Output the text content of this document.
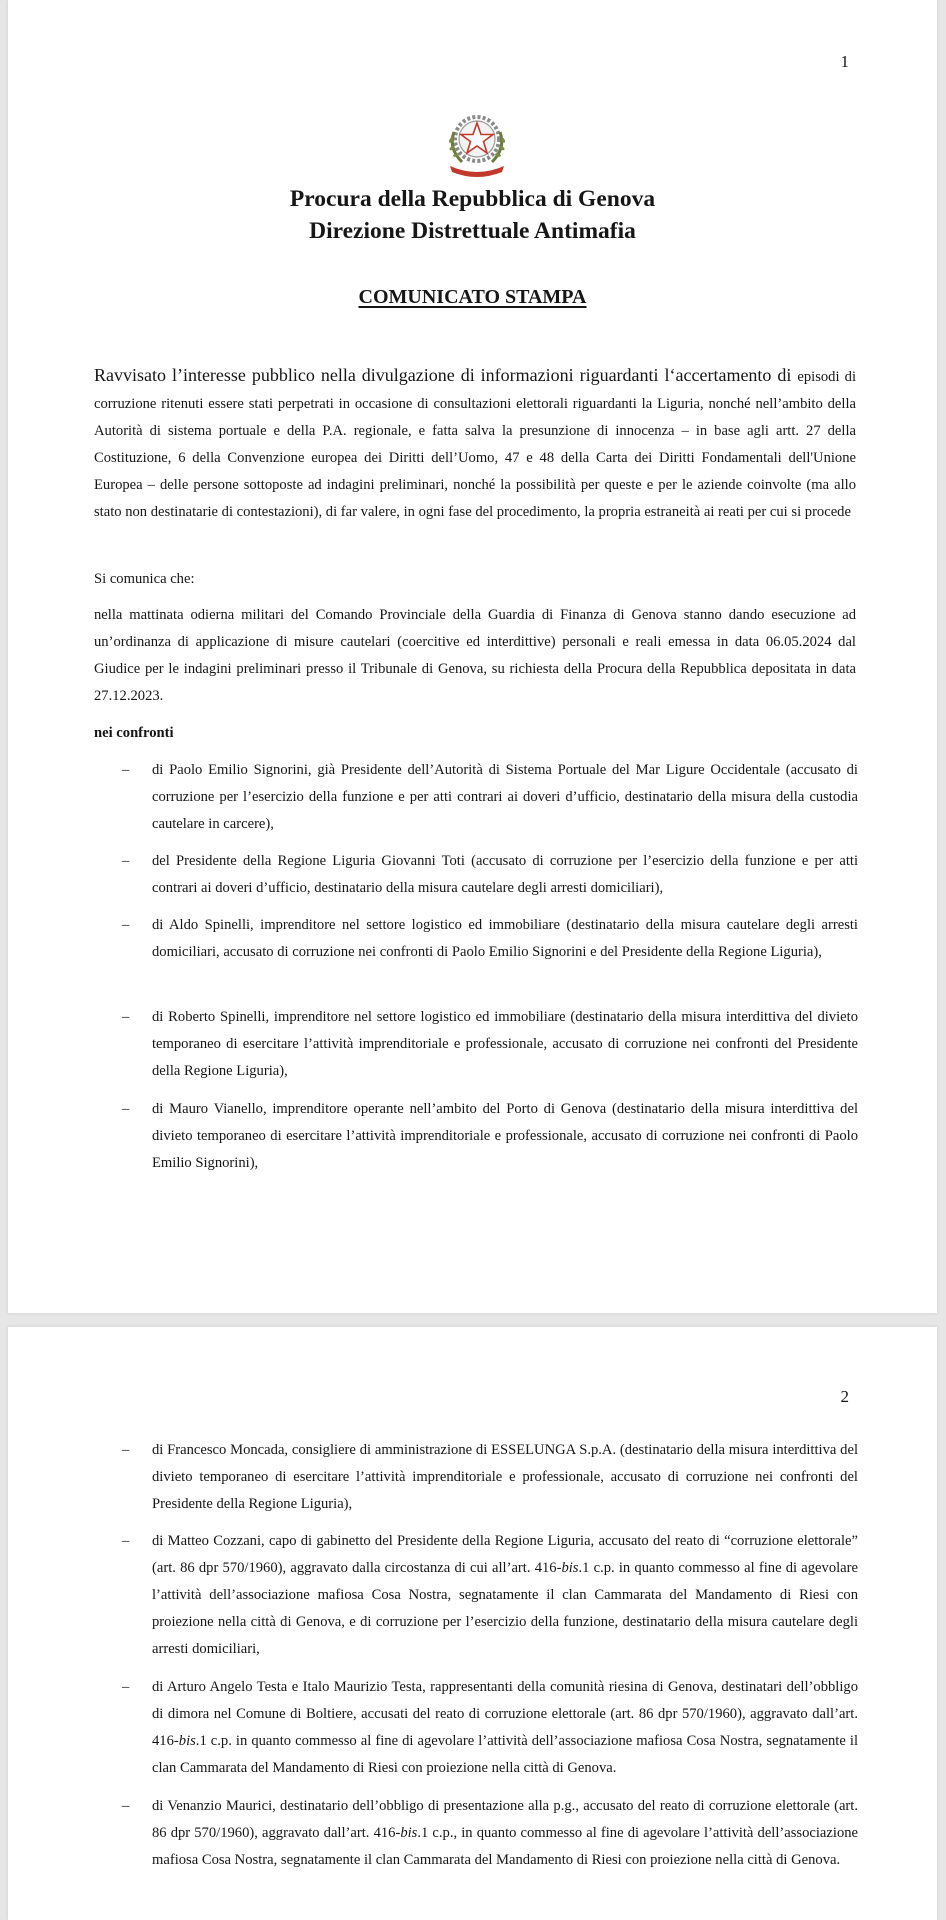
1
Procura della Repubblica di Genova
Direzione Distrettuale Antimafia
COMUNICATO STAMPA
Ravvisato l’interesse pubblico nella divulgazione di informazioni riguardanti l‘accertamento di episodi di corruzione ritenuti essere stati perpetrati in occasione di consultazioni elettorali riguardanti la Liguria, nonché nell’ambito della Autorità di sistema portuale e della P.A. regionale, e fatta salva la presunzione di innocenza – in base agli artt. 27 della Costituzione, 6 della Convenzione europea dei Diritti dell’Uomo, 47 e 48 della Carta dei Diritti Fondamentali dell'Unione Europea – delle persone sottoposte ad indagini preliminari, nonché la possibilità per queste e per le aziende coinvolte (ma allo stato non destinatarie di contestazioni), di far valere, in ogni fase del procedimento, la propria estraneità ai reati per cui si procede
Si comunica che:
nella mattinata odierna militari del Comando Provinciale della Guardia di Finanza di Genova stanno dando esecuzione ad un’ordinanza di applicazione di misure cautelari (coercitive ed interdittive) personali e reali emessa in data 06.05.2024 dal Giudice per le indagini preliminari presso il Tribunale di Genova, su richiesta della Procura della Repubblica depositata in data 27.12.2023.
nei confronti
– di Paolo Emilio Signorini, già Presidente dell’Autorità di Sistema Portuale del Mar Ligure Occidentale (accusato di corruzione per l’esercizio della funzione e per atti contrari ai doveri d’ufficio, destinatario della misura della custodia cautelare in carcere),
– del Presidente della Regione Liguria Giovanni Toti (accusato di corruzione per l’esercizio della funzione e per atti contrari ai doveri d’ufficio, destinatario della misura cautelare degli arresti domiciliari),
– di Aldo Spinelli, imprenditore nel settore logistico ed immobiliare (destinatario della misura cautelare degli arresti domiciliari, accusato di corruzione nei confronti di Paolo Emilio Signorini e del Presidente della Regione Liguria),
– di Roberto Spinelli, imprenditore nel settore logistico ed immobiliare (destinatario della misura interdittiva del divieto temporaneo di esercitare l’attività imprenditoriale e professionale, accusato di corruzione nei confronti del Presidente della Regione Liguria),
– di Mauro Vianello, imprenditore operante nell’ambito del Porto di Genova (destinatario della misura interdittiva del divieto temporaneo di esercitare l’attività imprenditoriale e professionale, accusato di corruzione nei confronti di Paolo Emilio Signorini),
2
– di Francesco Moncada, consigliere di amministrazione di ESSELUNGA S.p.A. (destinatario della misura interdittiva del divieto temporaneo di esercitare l’attività imprenditoriale e professionale, accusato di corruzione nei confronti del Presidente della Regione Liguria),
– di Matteo Cozzani, capo di gabinetto del Presidente della Regione Liguria, accusato del reato di “corruzione elettorale” (art. 86 dpr 570/1960), aggravato dalla circostanza di cui all’art. 416-bis.1 c.p. in quanto commesso al fine di agevolare l’attività dell’associazione mafiosa Cosa Nostra, segnatamente il clan Cammarata del Mandamento di Riesi con proiezione nella città di Genova, e di corruzione per l’esercizio della funzione, destinatario della misura cautelare degli arresti domiciliari,
– di Arturo Angelo Testa e Italo Maurizio Testa, rappresentanti della comunità riesina di Genova, destinatari dell’obbligo di dimora nel Comune di Boltiere, accusati del reato di corruzione elettorale (art. 86 dpr 570/1960), aggravato dall’art. 416-bis.1 c.p. in quanto commesso al fine di agevolare l’attività dell’associazione mafiosa Cosa Nostra, segnatamente il clan Cammarata del Mandamento di Riesi con proiezione nella città di Genova.
– di Venanzio Maurici, destinatario dell’obbligo di presentazione alla p.g., accusato del reato di corruzione elettorale (art. 86 dpr 570/1960), aggravato dall’art. 416-bis.1 c.p., in quanto commesso al fine di agevolare l’attività dell’associazione mafiosa Cosa Nostra, segnatamente il clan Cammarata del Mandamento di Riesi con proiezione nella città di Genova.
